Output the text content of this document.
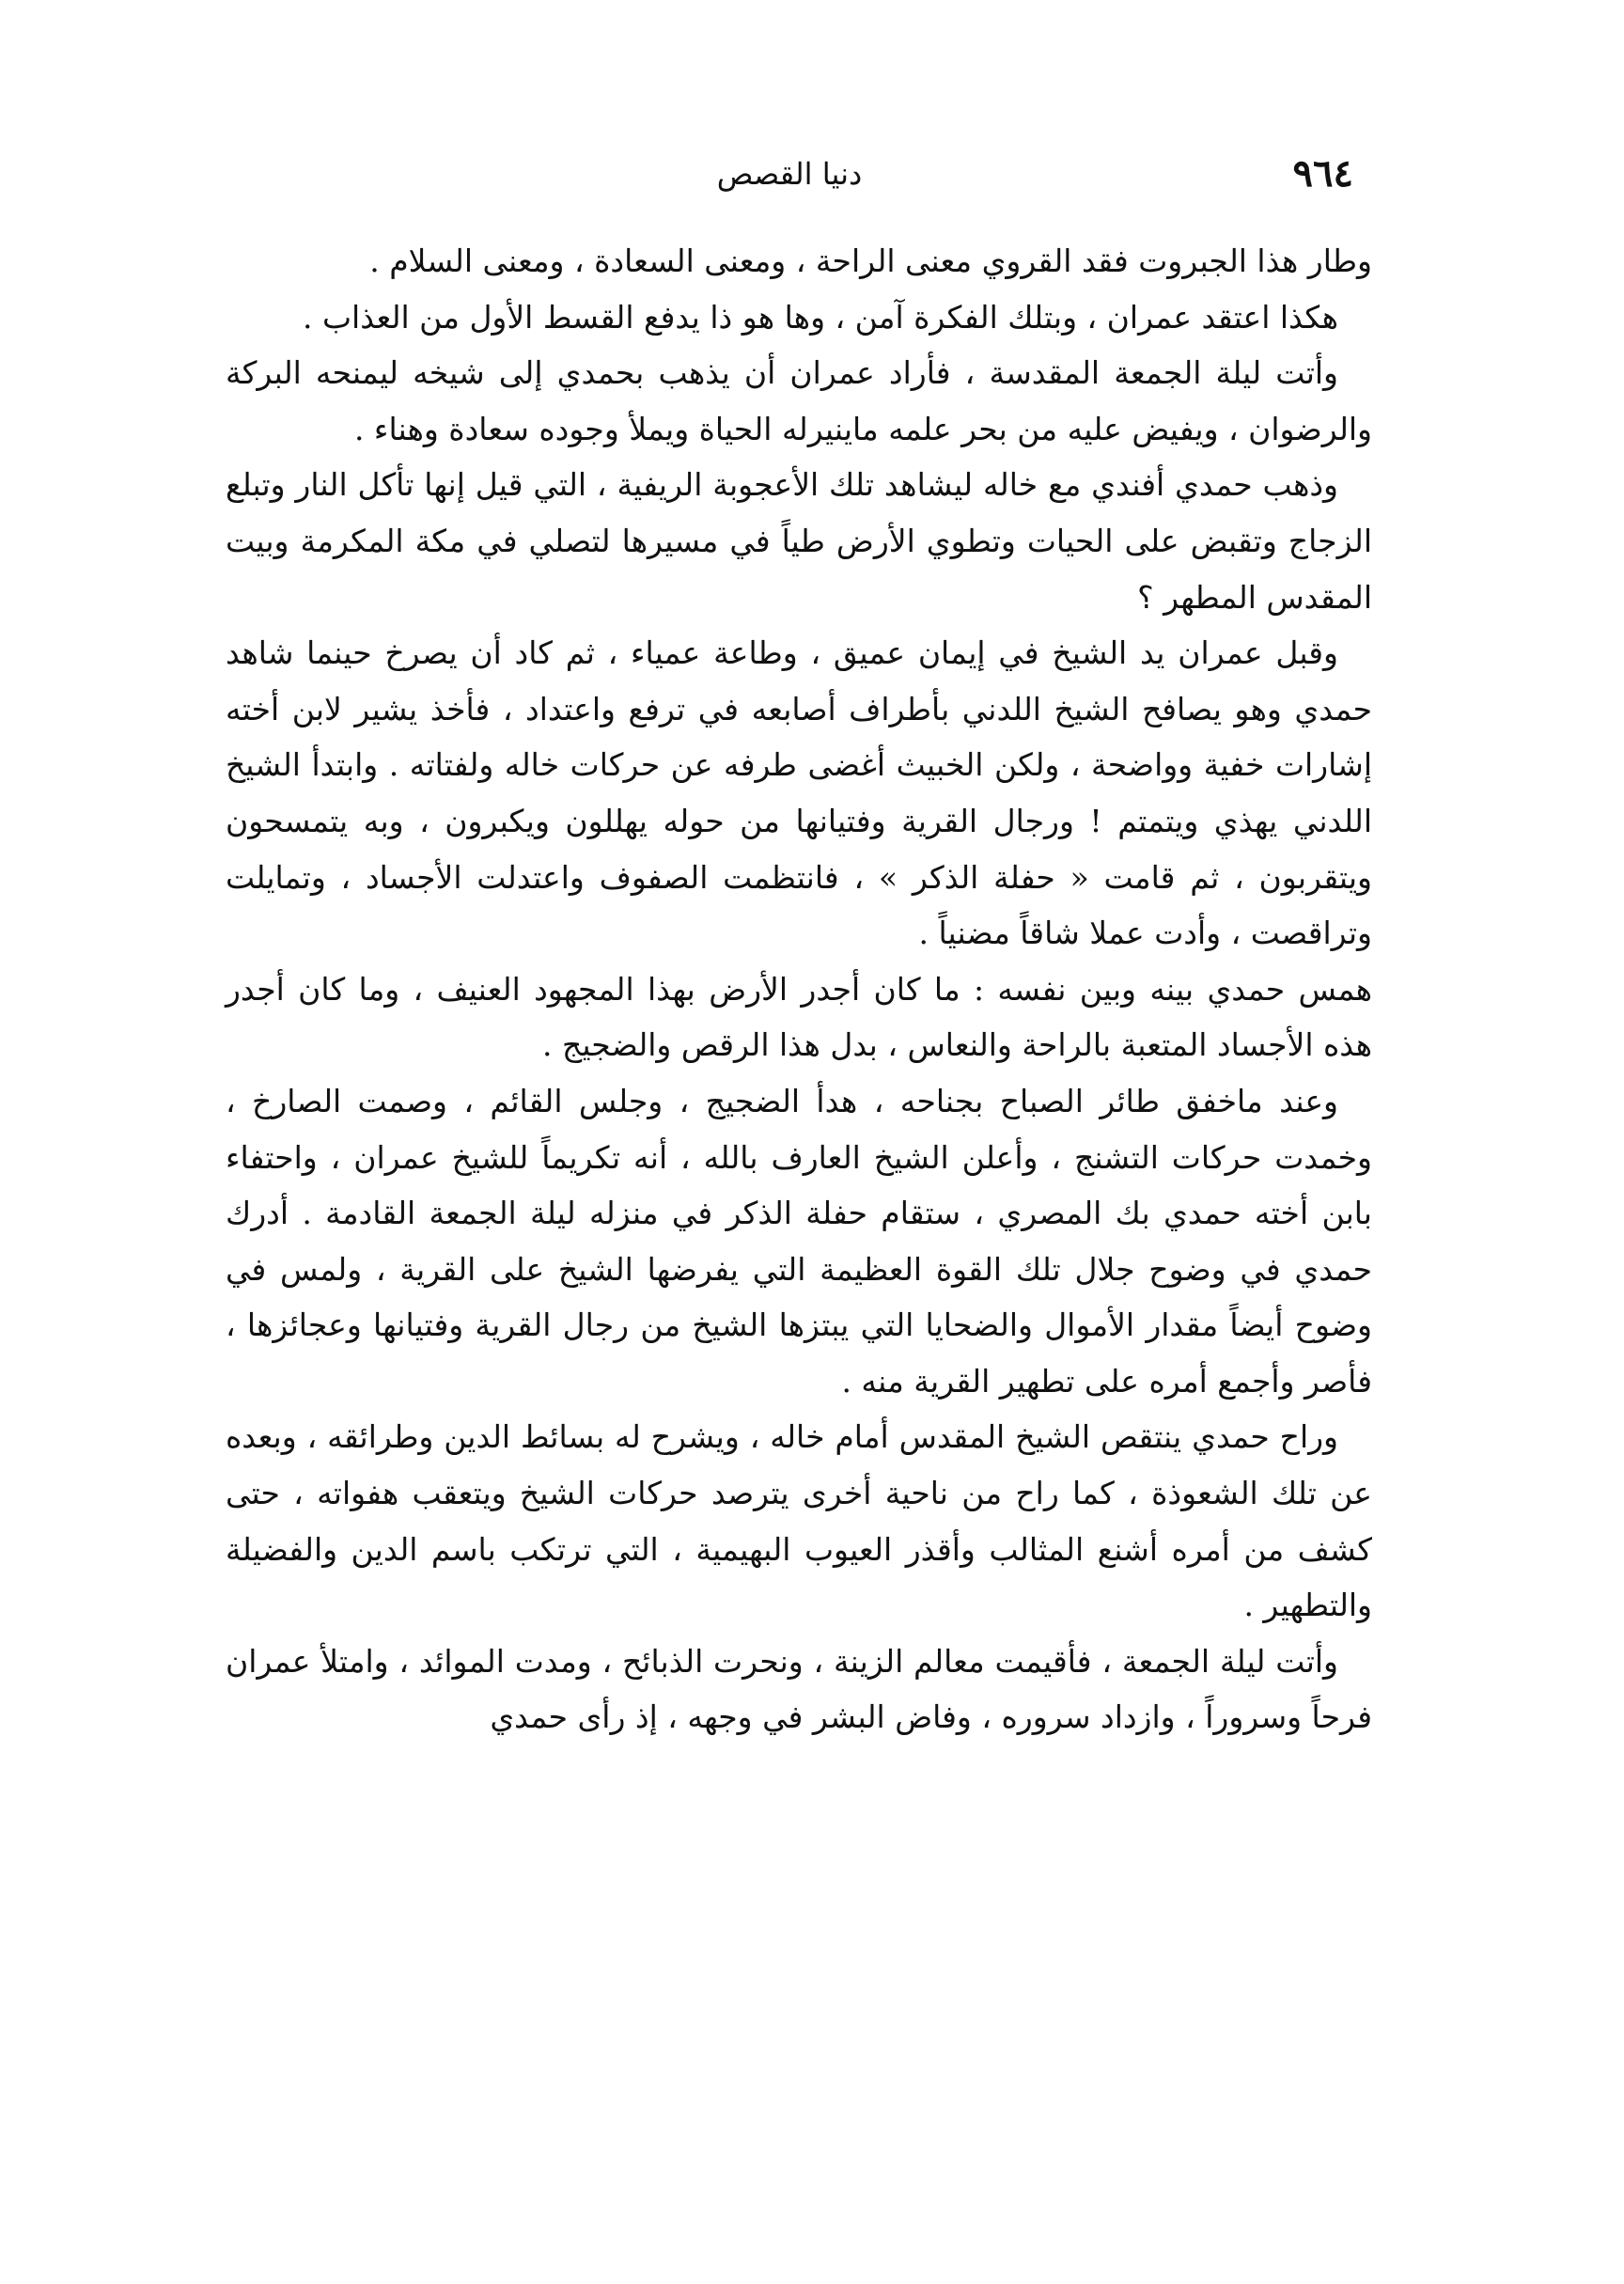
٩٦٤
دنيا القصص

وطار هذا الجبروت فقد القروي معنى الراحة ، ومعنى السعادة ، ومعنى السلام .

هكذا اعتقد عمران ، وبتلك الفكرة آمن ، وها هو ذا يدفع القسط الأول من العذاب .

وأتت ليلة الجمعة المقدسة ، فأراد عمران أن يذهب بحمدي إلى شيخه ليمنحه البركة والرضوان ، ويفيض عليه من بحر علمه ماينيرله الحياة ويملأ وجوده سعادة وهناء .

وذهب حمدي أفندي مع خاله ليشاهد تلك الأعجوبة الريفية ، التي قيل إنها تأكل النار وتبلع الزجاج وتقبض على الحيات وتطوي الأرض طياً في مسيرها لتصلي في مكة المكرمة وبيت المقدس المطهر ؟

وقبل عمران يد الشيخ في إيمان عميق ، وطاعة عمياء ، ثم كاد أن يصرخ حينما شاهد حمدي وهو يصافح الشيخ اللدني بأطراف أصابعه في ترفع واعتداد ، فأخذ يشير لابن أخته إشارات خفية وواضحة ، ولكن الخبيث أغضى طرفه عن حركات خاله ولفتاته . وابتدأ الشيخ اللدني يهذي ويتمتم ! ورجال القرية وفتيانها من حوله يهللون ويكبرون ، وبه يتمسحون ويتقربون ، ثم قامت « حفلة الذكر » ، فانتظمت الصفوف واعتدلت الأجساد ، وتمايلت وتراقصت ، وأدت عملا شاقاً مضنياً .

همس حمدي بينه وبين نفسه : ما كان أجدر الأرض بهذا المجهود العنيف ، وما كان أجدر هذه الأجساد المتعبة بالراحة والنعاس ، بدل هذا الرقص والضجيج .

وعند ماخفق طائر الصباح بجناحه ، هدأ الضجيج ، وجلس القائم ، وصمت الصارخ ، وخمدت حركات التشنج ، وأعلن الشيخ العارف بالله ، أنه تكريماً للشيخ عمران ، واحتفاء بابن أخته حمدي بك المصري ، ستقام حفلة الذكر في منزله ليلة الجمعة القادمة . أدرك حمدي في وضوح جلال تلك القوة العظيمة التي يفرضها الشيخ على القرية ، ولمس في وضوح أيضاً مقدار الأموال والضحايا التي يبتزها الشيخ من رجال القرية وفتيانها وعجائزها ، فأصر وأجمع أمره على تطهير القرية منه .

وراح حمدي ينتقص الشيخ المقدس أمام خاله ، ويشرح له بسائط الدين وطرائقه ، وبعده عن تلك الشعوذة ، كما راح من ناحية أخرى يترصد حركات الشيخ ويتعقب هفواته ، حتى كشف من أمره أشنع المثالب وأقذر العيوب البهيمية ، التي ترتكب باسم الدين والفضيلة والتطهير .

وأتت ليلة الجمعة ، فأقيمت معالم الزينة ، ونحرت الذبائح ، ومدت الموائد ، وامتلأ عمران فرحاً وسروراً ، وازداد سروره ، وفاض البشر في وجهه ، إذ رأى حمدي
